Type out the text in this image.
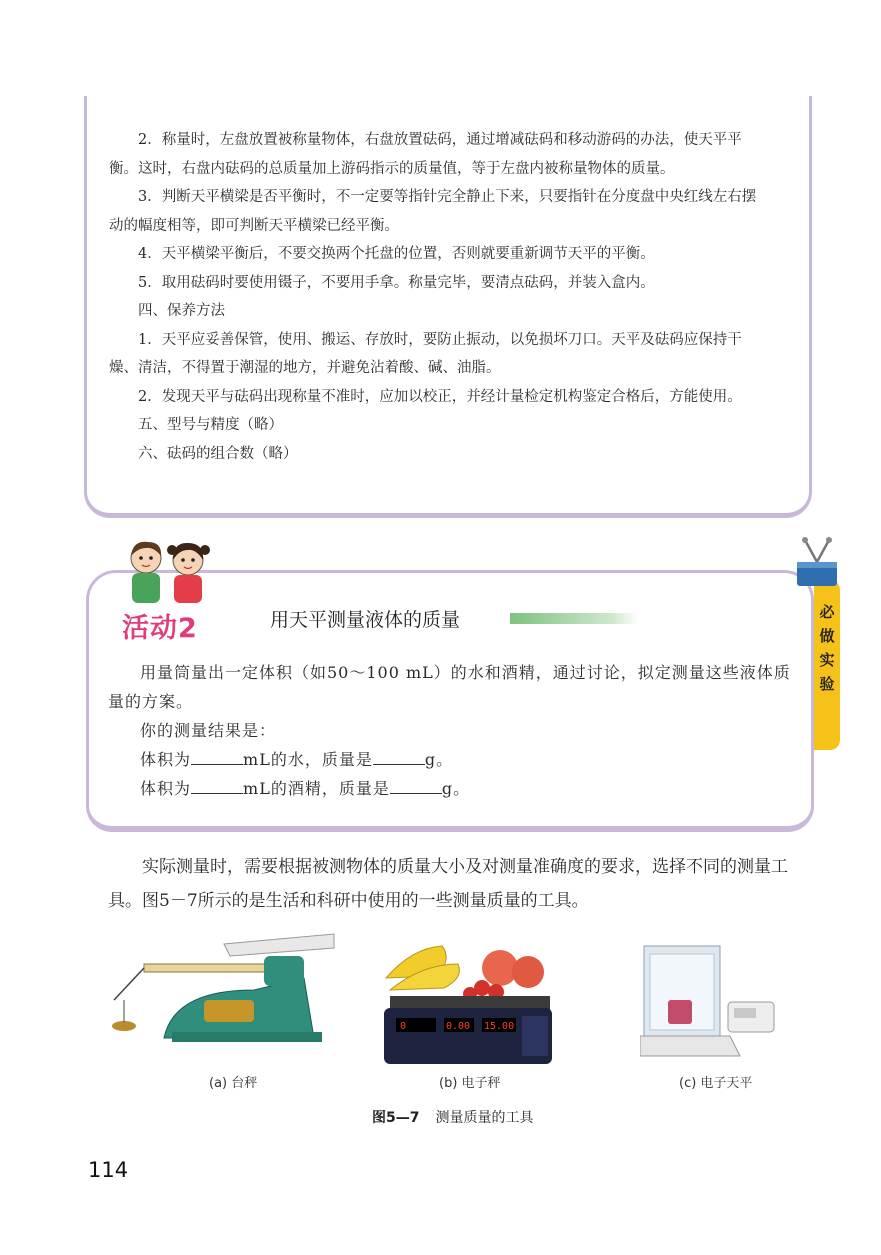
2．称量时，左盘放置被称量物体，右盘放置砝码，通过增减砝码和移动游码的办法，使天平平衡。这时，右盘内砝码的总质量加上游码指示的质量值，等于左盘内被称量物体的质量。

3．判断天平横梁是否平衡时，不一定要等指针完全静止下来，只要指针在分度盘中央红线左右摆动的幅度相等，即可判断天平横梁已经平衡。

4．天平横梁平衡后，不要交换两个托盘的位置，否则就要重新调节天平的平衡。

5．取用砝码时要使用镊子，不要用手拿。称量完毕，要清点砝码，并装入盒内。

四、保养方法

1．天平应妥善保管，使用、搬运、存放时，要防止振动，以免损坏刀口。天平及砝码应保持干燥、清洁，不得置于潮湿的地方，并避免沾着酸、碱、油脂。

2．发现天平与砝码出现称量不准时，应加以校正，并经计量检定机构鉴定合格后，方能使用。

五、型号与精度（略）

六、砝码的组合数（略）

活动2	用天平测量液体的质量
用量筒量出一定体积（如50～100 mL）的水和酒精，通过讨论，拟定测量这些液体质量的方案。
你的测量结果是：
体积为	mL的水，质量是	g。
体积为	mL的酒精，质量是	g。
必
做
实
验

实际测量时，需要根据被测物体的质量大小及对测量准确度的要求，选择不同的测量工具。图5－7所示的是生活和科研中使用的一些测量质量的工具。

0	0.00 15.00
(a) 台秤	(b) 电子秤	(c) 电子天平
图5—7 测量质量的工具
114
